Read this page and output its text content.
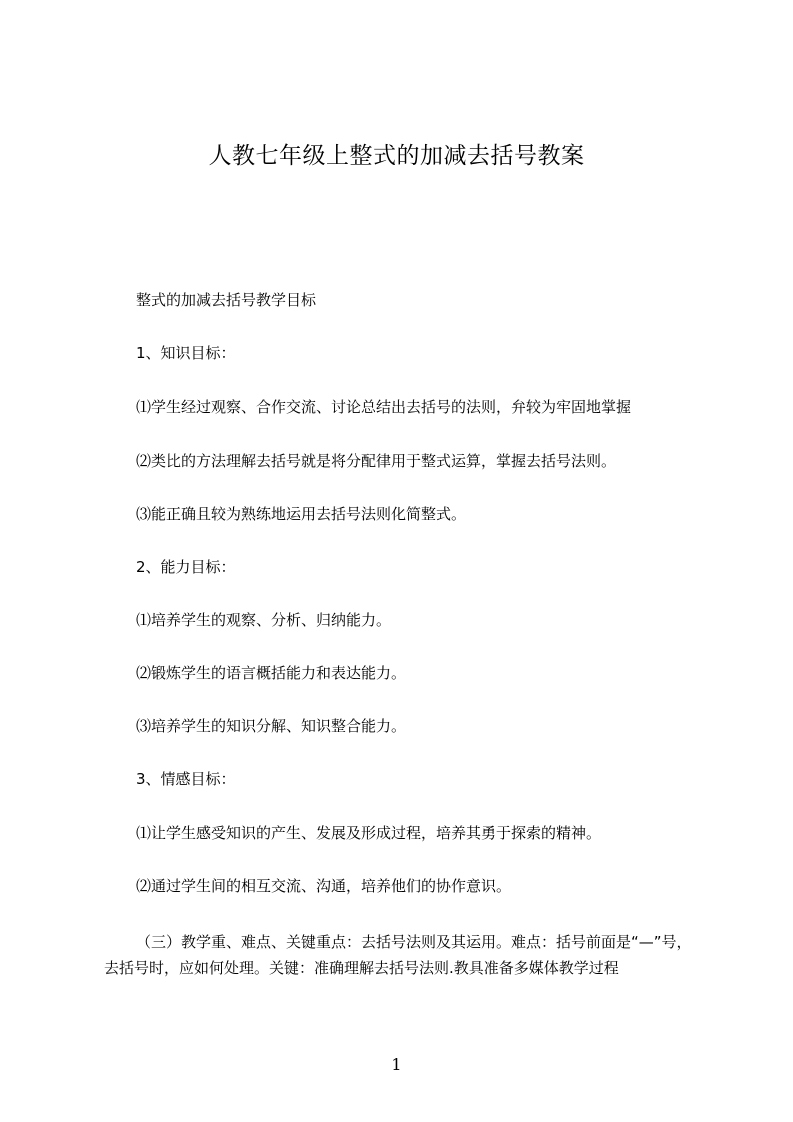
人教七年级上整式的加减去括号教案
整式的加减去括号教学目标
1、知识目标：
⑴学生经过观察、合作交流、讨论总结出去括号的法则，弁较为牢固地掌握
⑵类比的方法理解去括号就是将分配律用于整式运算，掌握去括号法则。
⑶能正确且较为熟练地运用去括号法则化简整式。
2、能力目标：
⑴培养学生的观察、分析、归纳能力。
⑵锻炼学生的语言概括能力和表达能力。
⑶培养学生的知识分解、知识整合能力。
3、情感目标：
⑴让学生感受知识的产生、发展及形成过程，培养其勇于探索的精神。
⑵通过学生间的相互交流、沟通，培养他们的协作意识。
（三）教学重、难点、关键重点：去括号法则及其运用。难点：括号前面是“—”号，去括号时，应如何处理。关键：准确理解去括号法则.教具准备多媒体教学过程
1
